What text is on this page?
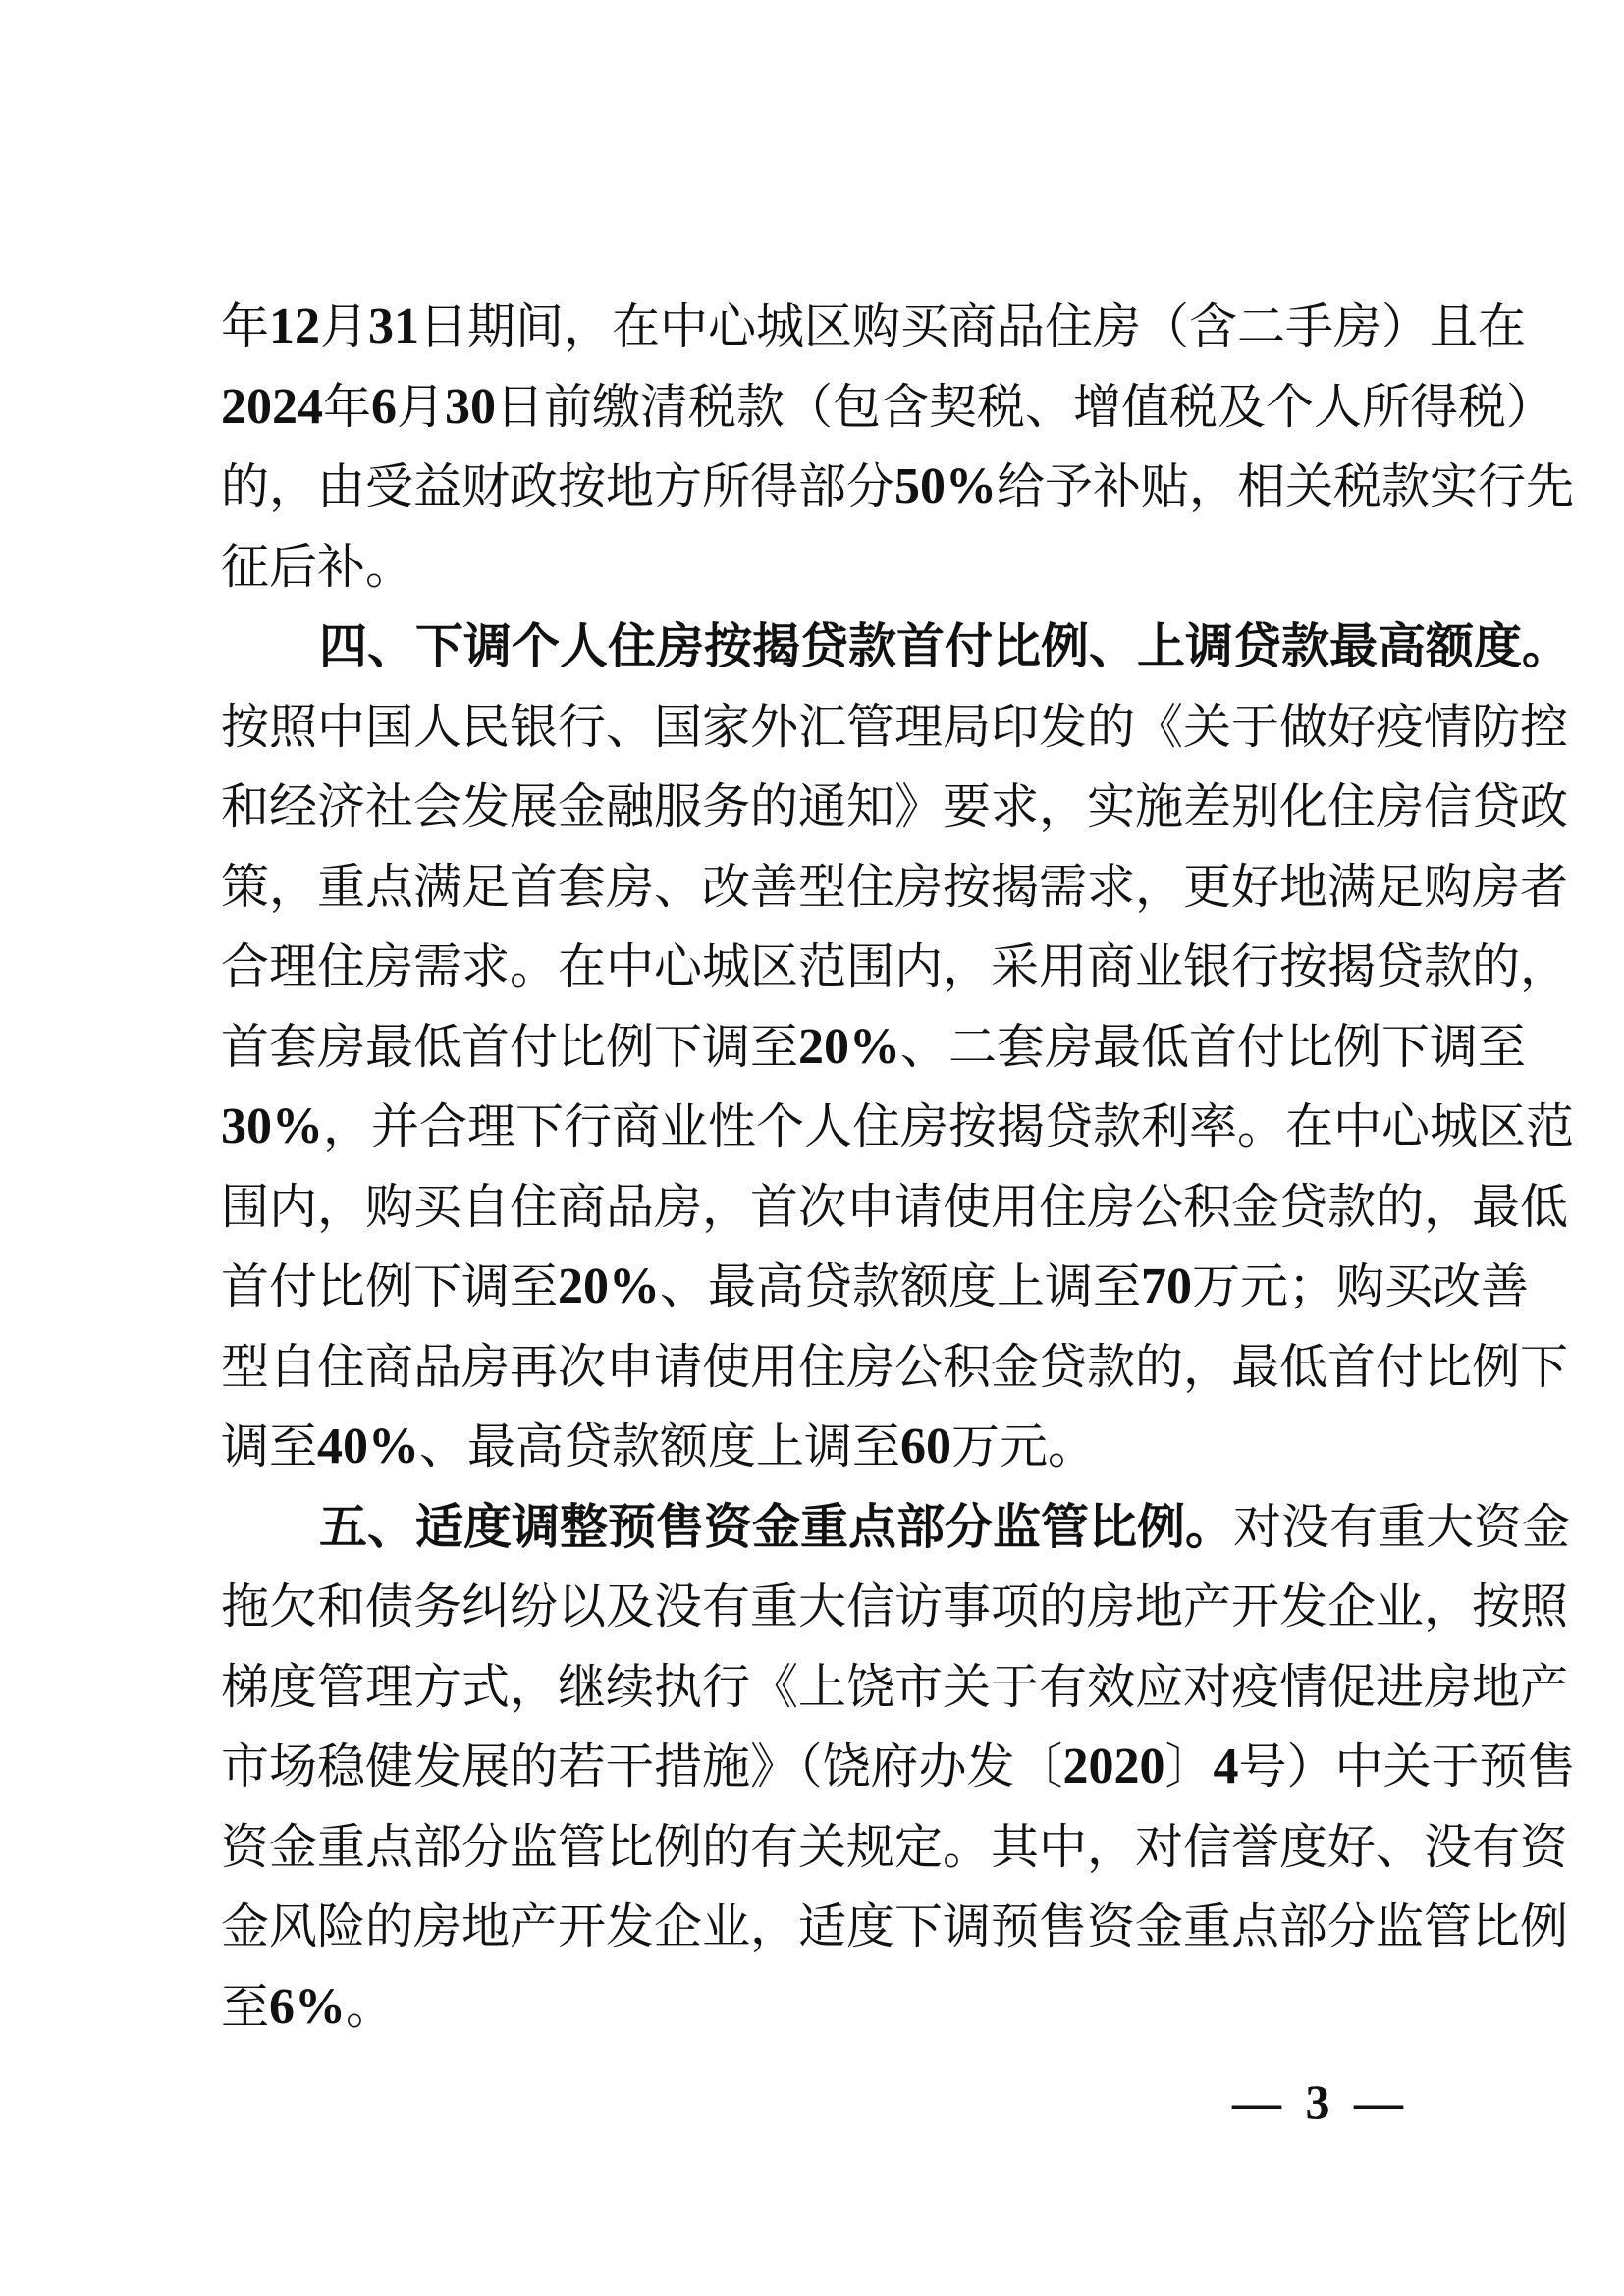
年12月31日期间，在中心城区购买商品住房（含二手房）且在
2024年6月30日前缴清税款（包含契税、增值税及个人所得税）
的，由受益财政按地方所得部分50%给予补贴，相关税款实行先
征后补。
四、下调个人住房按揭贷款首付比例、上调贷款最高额度。
按照中国人民银行、国家外汇管理局印发的《关于做好疫情防控
和经济社会发展金融服务的通知》要求，实施差别化住房信贷政
策，重点满足首套房、改善型住房按揭需求，更好地满足购房者
合理住房需求。在中心城区范围内，采用商业银行按揭贷款的，
首套房最低首付比例下调至20%、二套房最低首付比例下调至
30%，并合理下行商业性个人住房按揭贷款利率。在中心城区范
围内，购买自住商品房，首次申请使用住房公积金贷款的，最低
首付比例下调至20%、最高贷款额度上调至70万元；购买改善
型自住商品房再次申请使用住房公积金贷款的，最低首付比例下
调至40%、最高贷款额度上调至60万元。
五、适度调整预售资金重点部分监管比例。对没有重大资金
拖欠和债务纠纷以及没有重大信访事项的房地产开发企业，按照
梯度管理方式，继续执行《上饶市关于有效应对疫情促进房地产
市场稳健发展的若干措施》（饶府办发〔2020〕4号）中关于预售
资金重点部分监管比例的有关规定。其中，对信誉度好、没有资
金风险的房地产开发企业，适度下调预售资金重点部分监管比例
至6%。
— 3 —
